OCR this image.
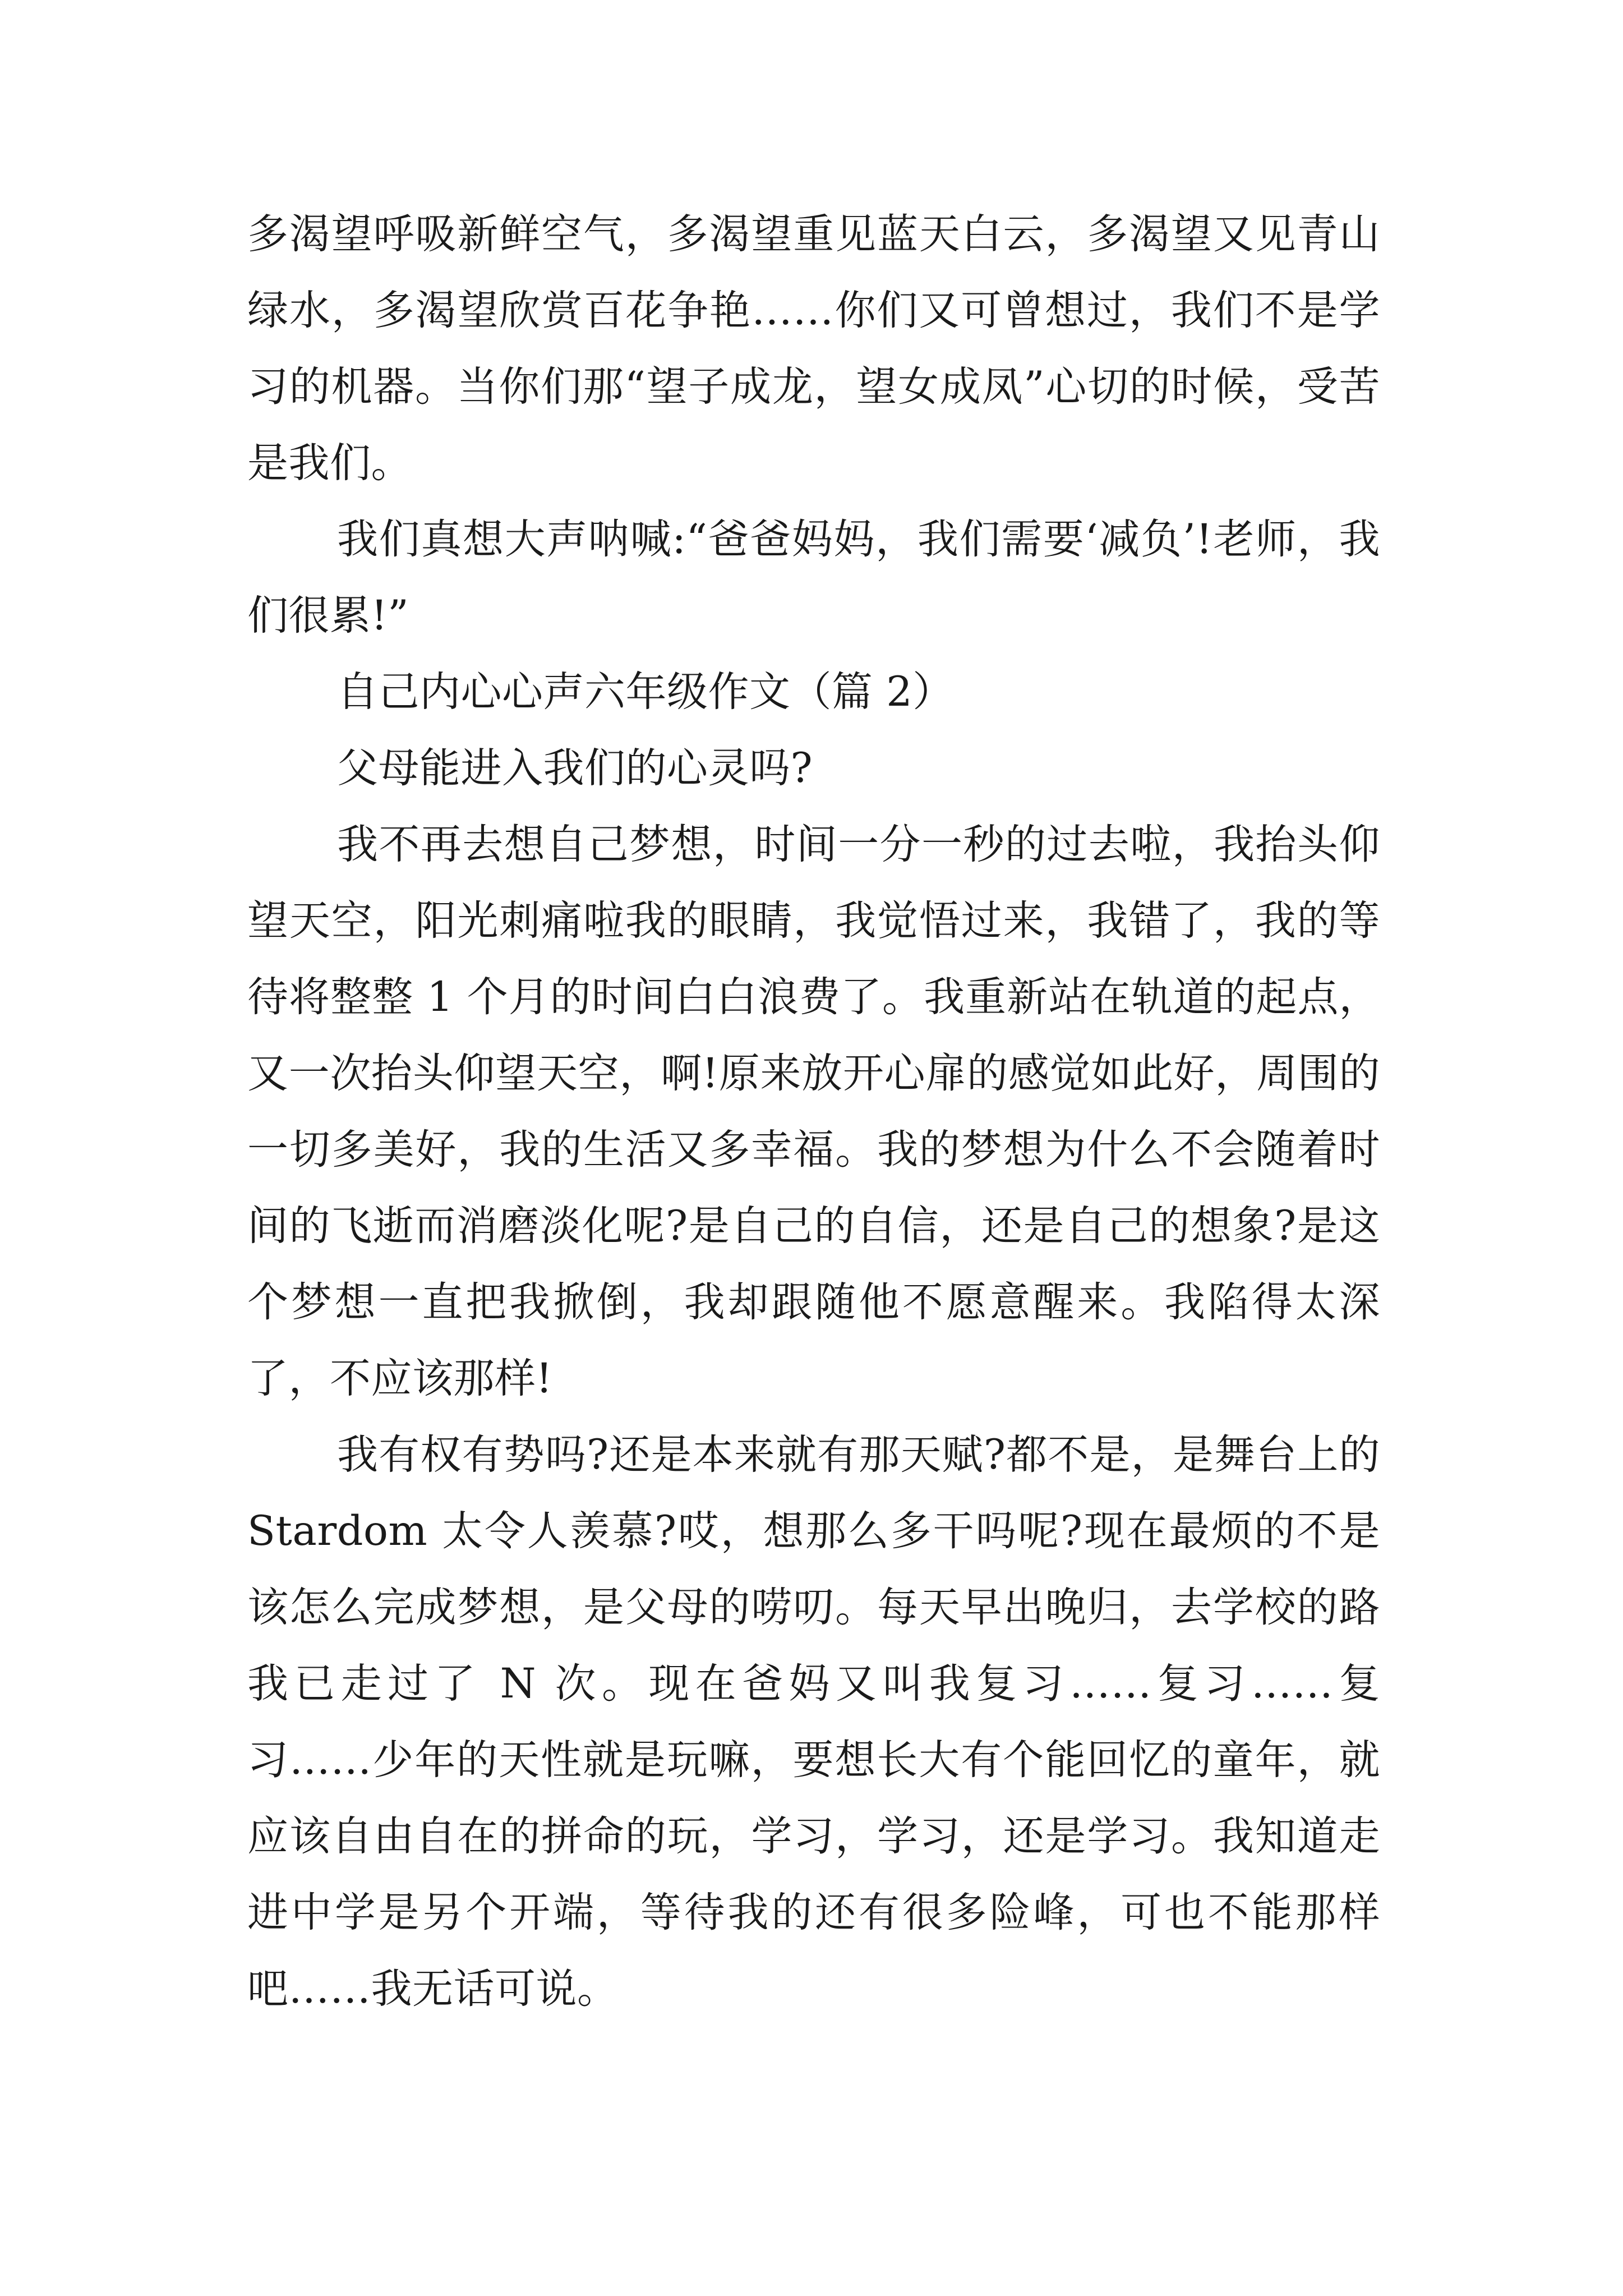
多渴望呼吸新鲜空气，多渴望重见蓝天白云，多渴望又见青山绿水，多渴望欣赏百花争艳……你们又可曾想过，我们不是学习的机器。当你们那“望子成龙，望女成凤”心切的时候，受苦是我们。

我们真想大声呐喊:“爸爸妈妈，我们需要‘减负’!老师，我们很累!”

自己内心心声六年级作文（篇 2）

父母能进入我们的心灵吗?

我不再去想自己梦想，时间一分一秒的过去啦，我抬头仰望天空，阳光刺痛啦我的眼睛，我觉悟过来，我错了，我的等待将整整 1 个月的时间白白浪费了。我重新站在轨道的起点，又一次抬头仰望天空，啊!原来放开心扉的感觉如此好，周围的一切多美好，我的生活又多幸福。我的梦想为什么不会随着时间的飞逝而消磨淡化呢?是自己的自信，还是自己的想象?是这个梦想一直把我掀倒，我却跟随他不愿意醒来。我陷得太深了，不应该那样!

我有权有势吗?还是本来就有那天赋?都不是，是舞台上的 Stardom 太令人羡慕?哎，想那么多干吗呢?现在最烦的不是该怎么完成梦想，是父母的唠叨。每天早出晚归，去学校的路我已走过了 N 次。现在爸妈又叫我复习……复习……复习……少年的天性就是玩嘛，要想长大有个能回忆的童年，就应该自由自在的拼命的玩，学习，学习，还是学习。我知道走进中学是另个开端，等待我的还有很多险峰，可也不能那样吧……我无话可说。
